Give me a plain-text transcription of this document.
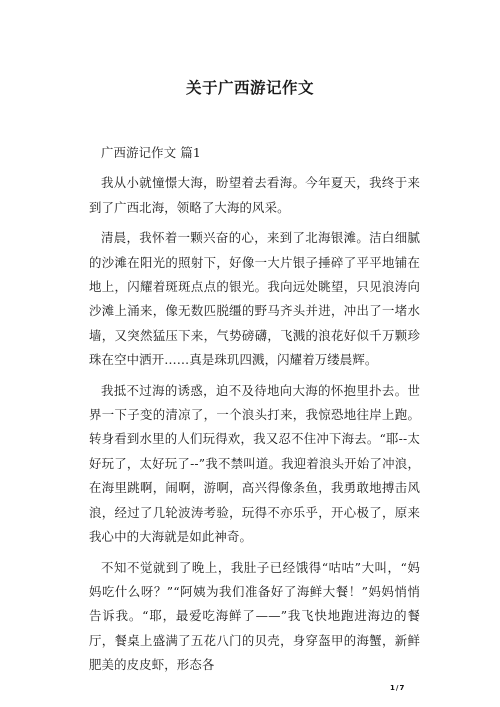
关于广西游记作文

广西游记作文 篇1

我从小就憧憬大海，盼望着去看海。今年夏天，我终于来到了广西北海，领略了大海的风采。

清晨，我怀着一颗兴奋的心，来到了北海银滩。洁白细腻的沙滩在阳光的照射下，好像一大片银子捶碎了平平地铺在地上，闪耀着斑斑点点的银光。我向远处眺望，只见浪涛向沙滩上涌来，像无数匹脱缰的野马齐头并进，冲出了一堵水墙，又突然猛压下来，气势磅礴，飞溅的浪花好似千万颗珍珠在空中洒开……真是珠玑四溅，闪耀着万缕晨辉。

我抵不过海的诱惑，迫不及待地向大海的怀抱里扑去。世界一下子变的清凉了，一个浪头打来，我惊恐地往岸上跑。转身看到水里的人们玩得欢，我又忍不住冲下海去。“耶--太好玩了，太好玩了--”我不禁叫道。我迎着浪头开始了冲浪，在海里跳啊，闹啊，游啊，高兴得像条鱼，我勇敢地搏击风浪，经过了几轮波涛考验，玩得不亦乐乎，开心极了，原来我心中的大海就是如此神奇。

不知不觉就到了晚上，我肚子已经饿得“咕咕”大叫，“妈妈吃什么呀？”“阿姨为我们准备好了海鲜大餐！”妈妈悄悄告诉我。“耶，最爱吃海鲜了——”我飞快地跑进海边的餐厅，餐桌上盛满了五花八门的贝壳，身穿盔甲的海蟹，新鲜肥美的皮皮虾，形态各

1 / 7
